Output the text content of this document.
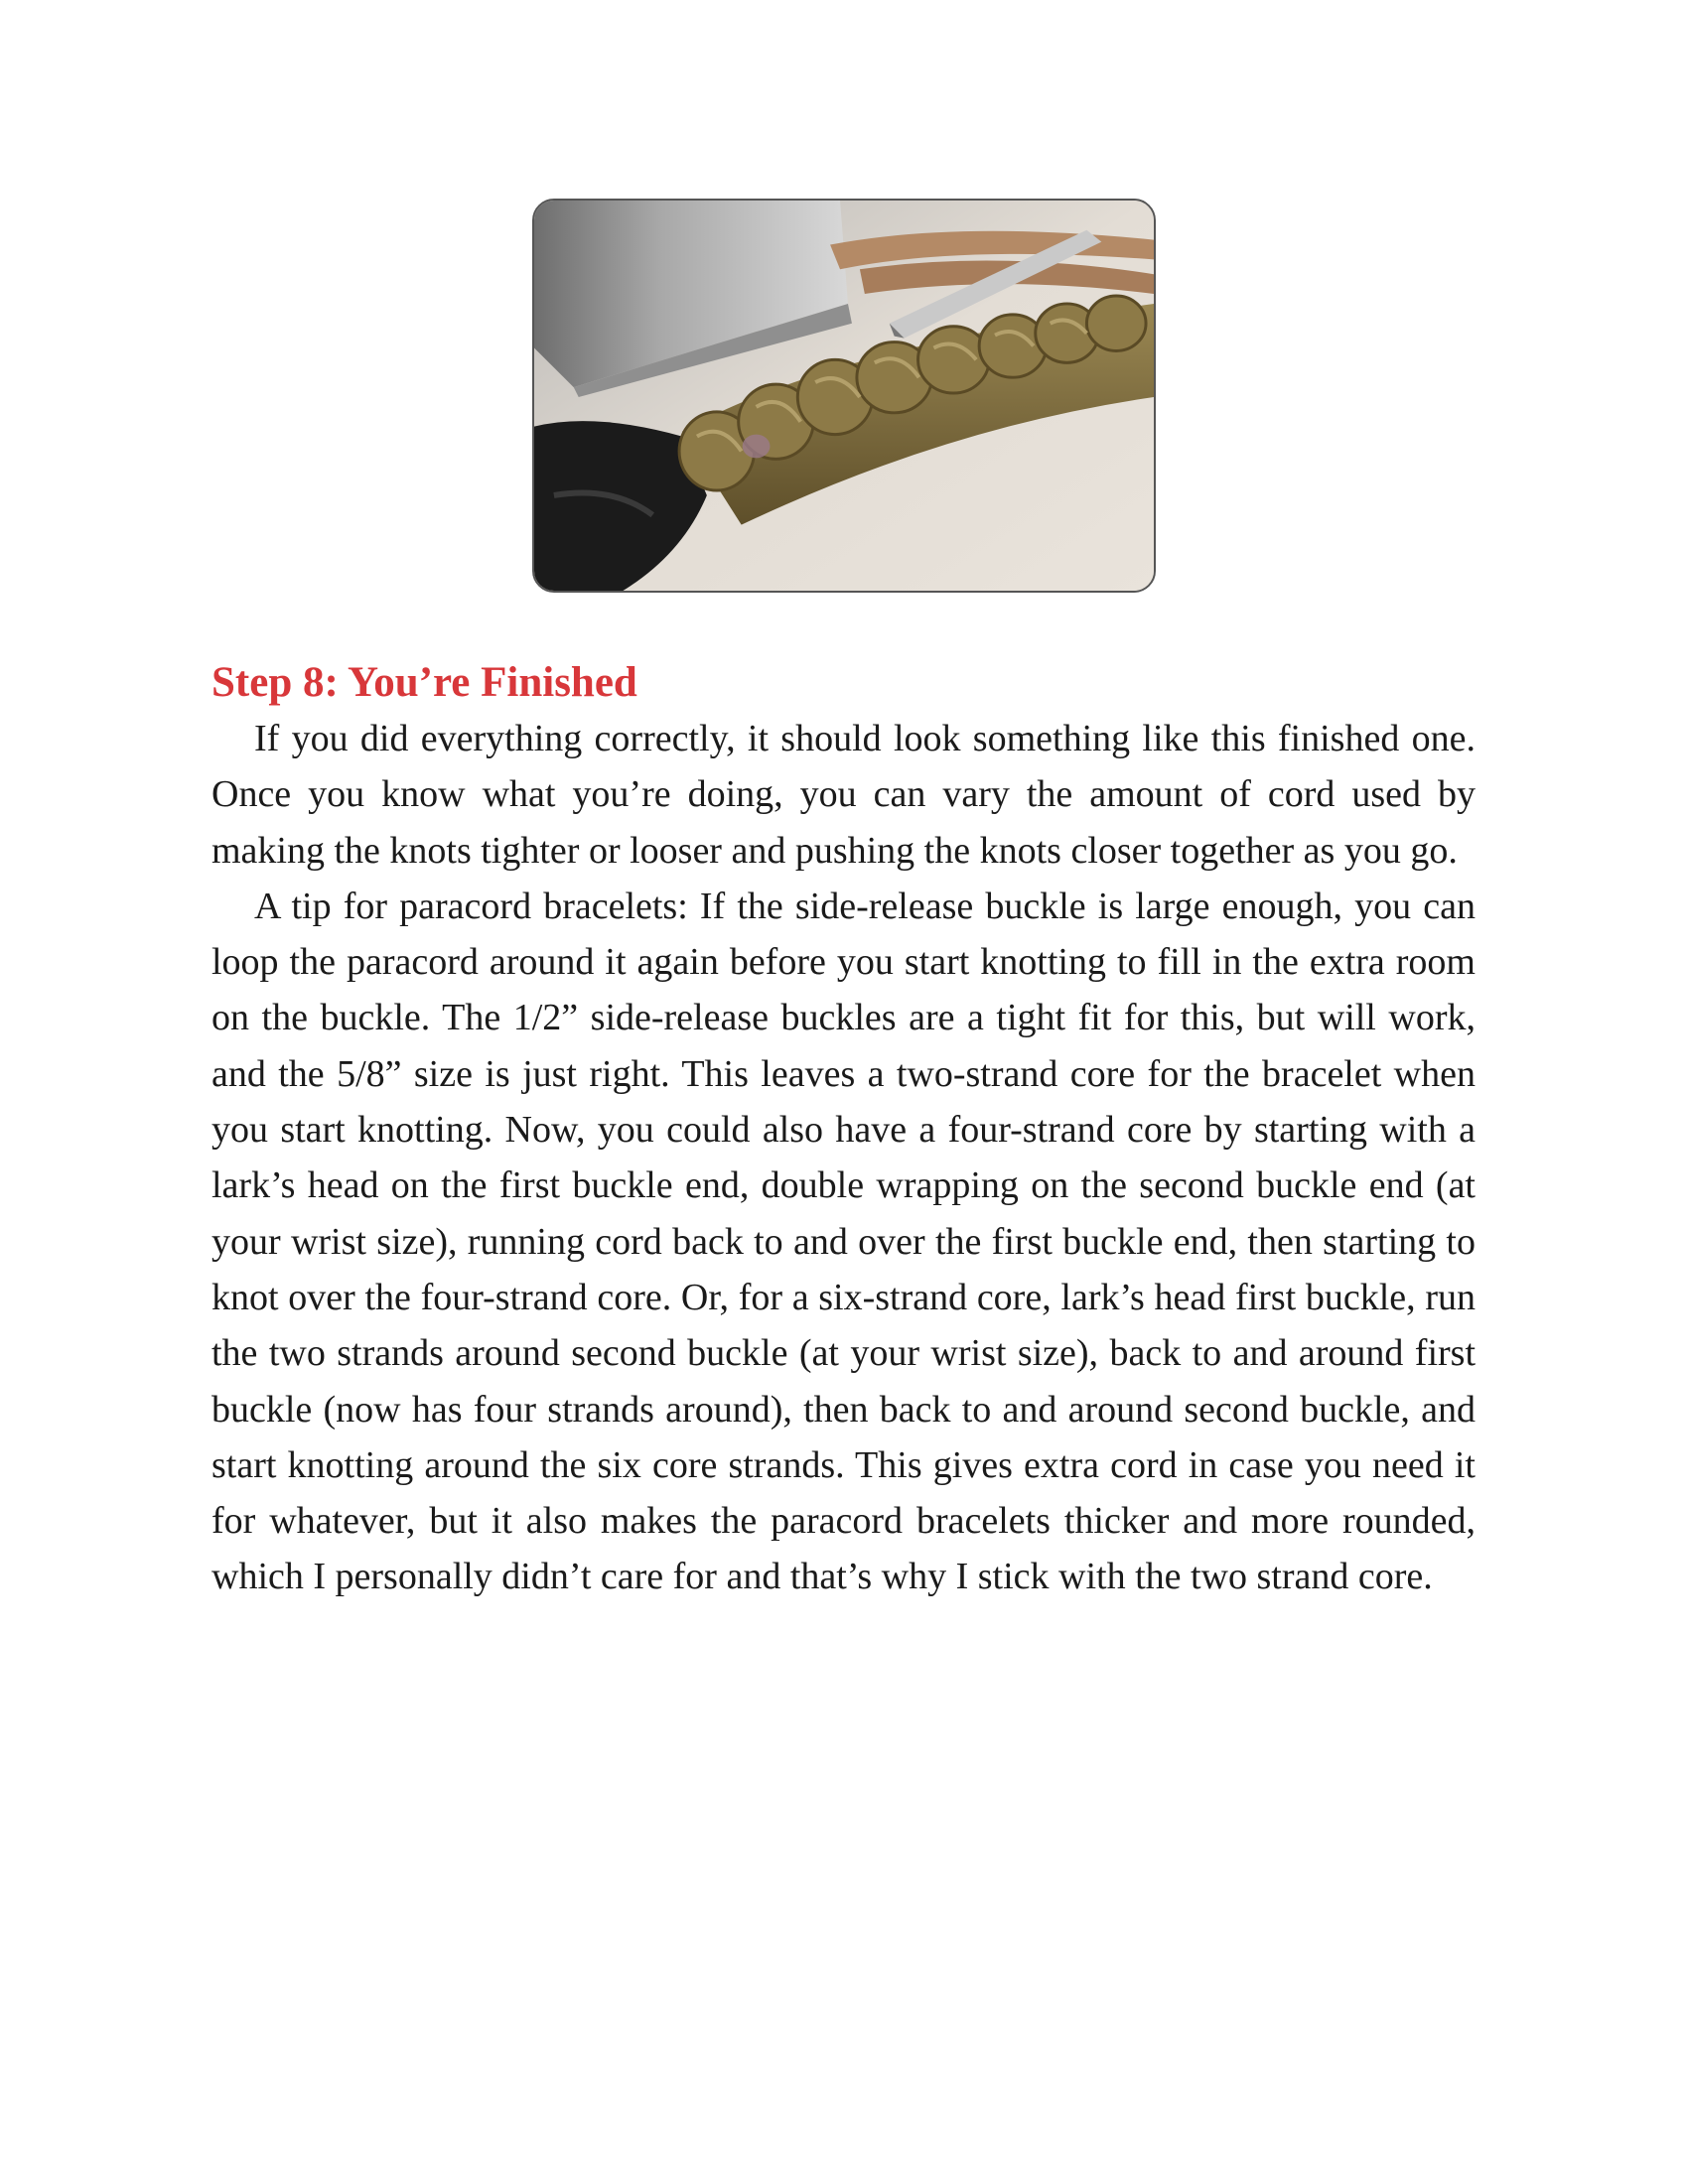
Step 8: You’re Finished

If you did everything correctly, it should look something like this finished one. Once you know what you’re doing, you can vary the amount of cord used by making the knots tighter or looser and pushing the knots closer together as you go.

A tip for paracord bracelets: If the side-release buckle is large enough, you can loop the paracord around it again before you start knotting to fill in the extra room on the buckle. The 1/2” side-release buckles are a tight fit for this, but will work, and the 5/8” size is just right. This leaves a two-strand core for the bracelet when you start knotting. Now, you could also have a four-strand core by starting with a lark’s head on the first buckle end, double wrapping on the second buckle end (at your wrist size), running cord back to and over the first buckle end, then starting to knot over the four-strand core. Or, for a six-strand core, lark’s head first buckle, run the two strands around second buckle (at your wrist size), back to and around first buckle (now has four strands around), then back to and around second buckle, and start knotting around the six core strands. This gives extra cord in case you need it for whatever, but it also makes the paracord bracelets thicker and more rounded, which I personally didn’t care for and that’s why I stick with the two strand core.
